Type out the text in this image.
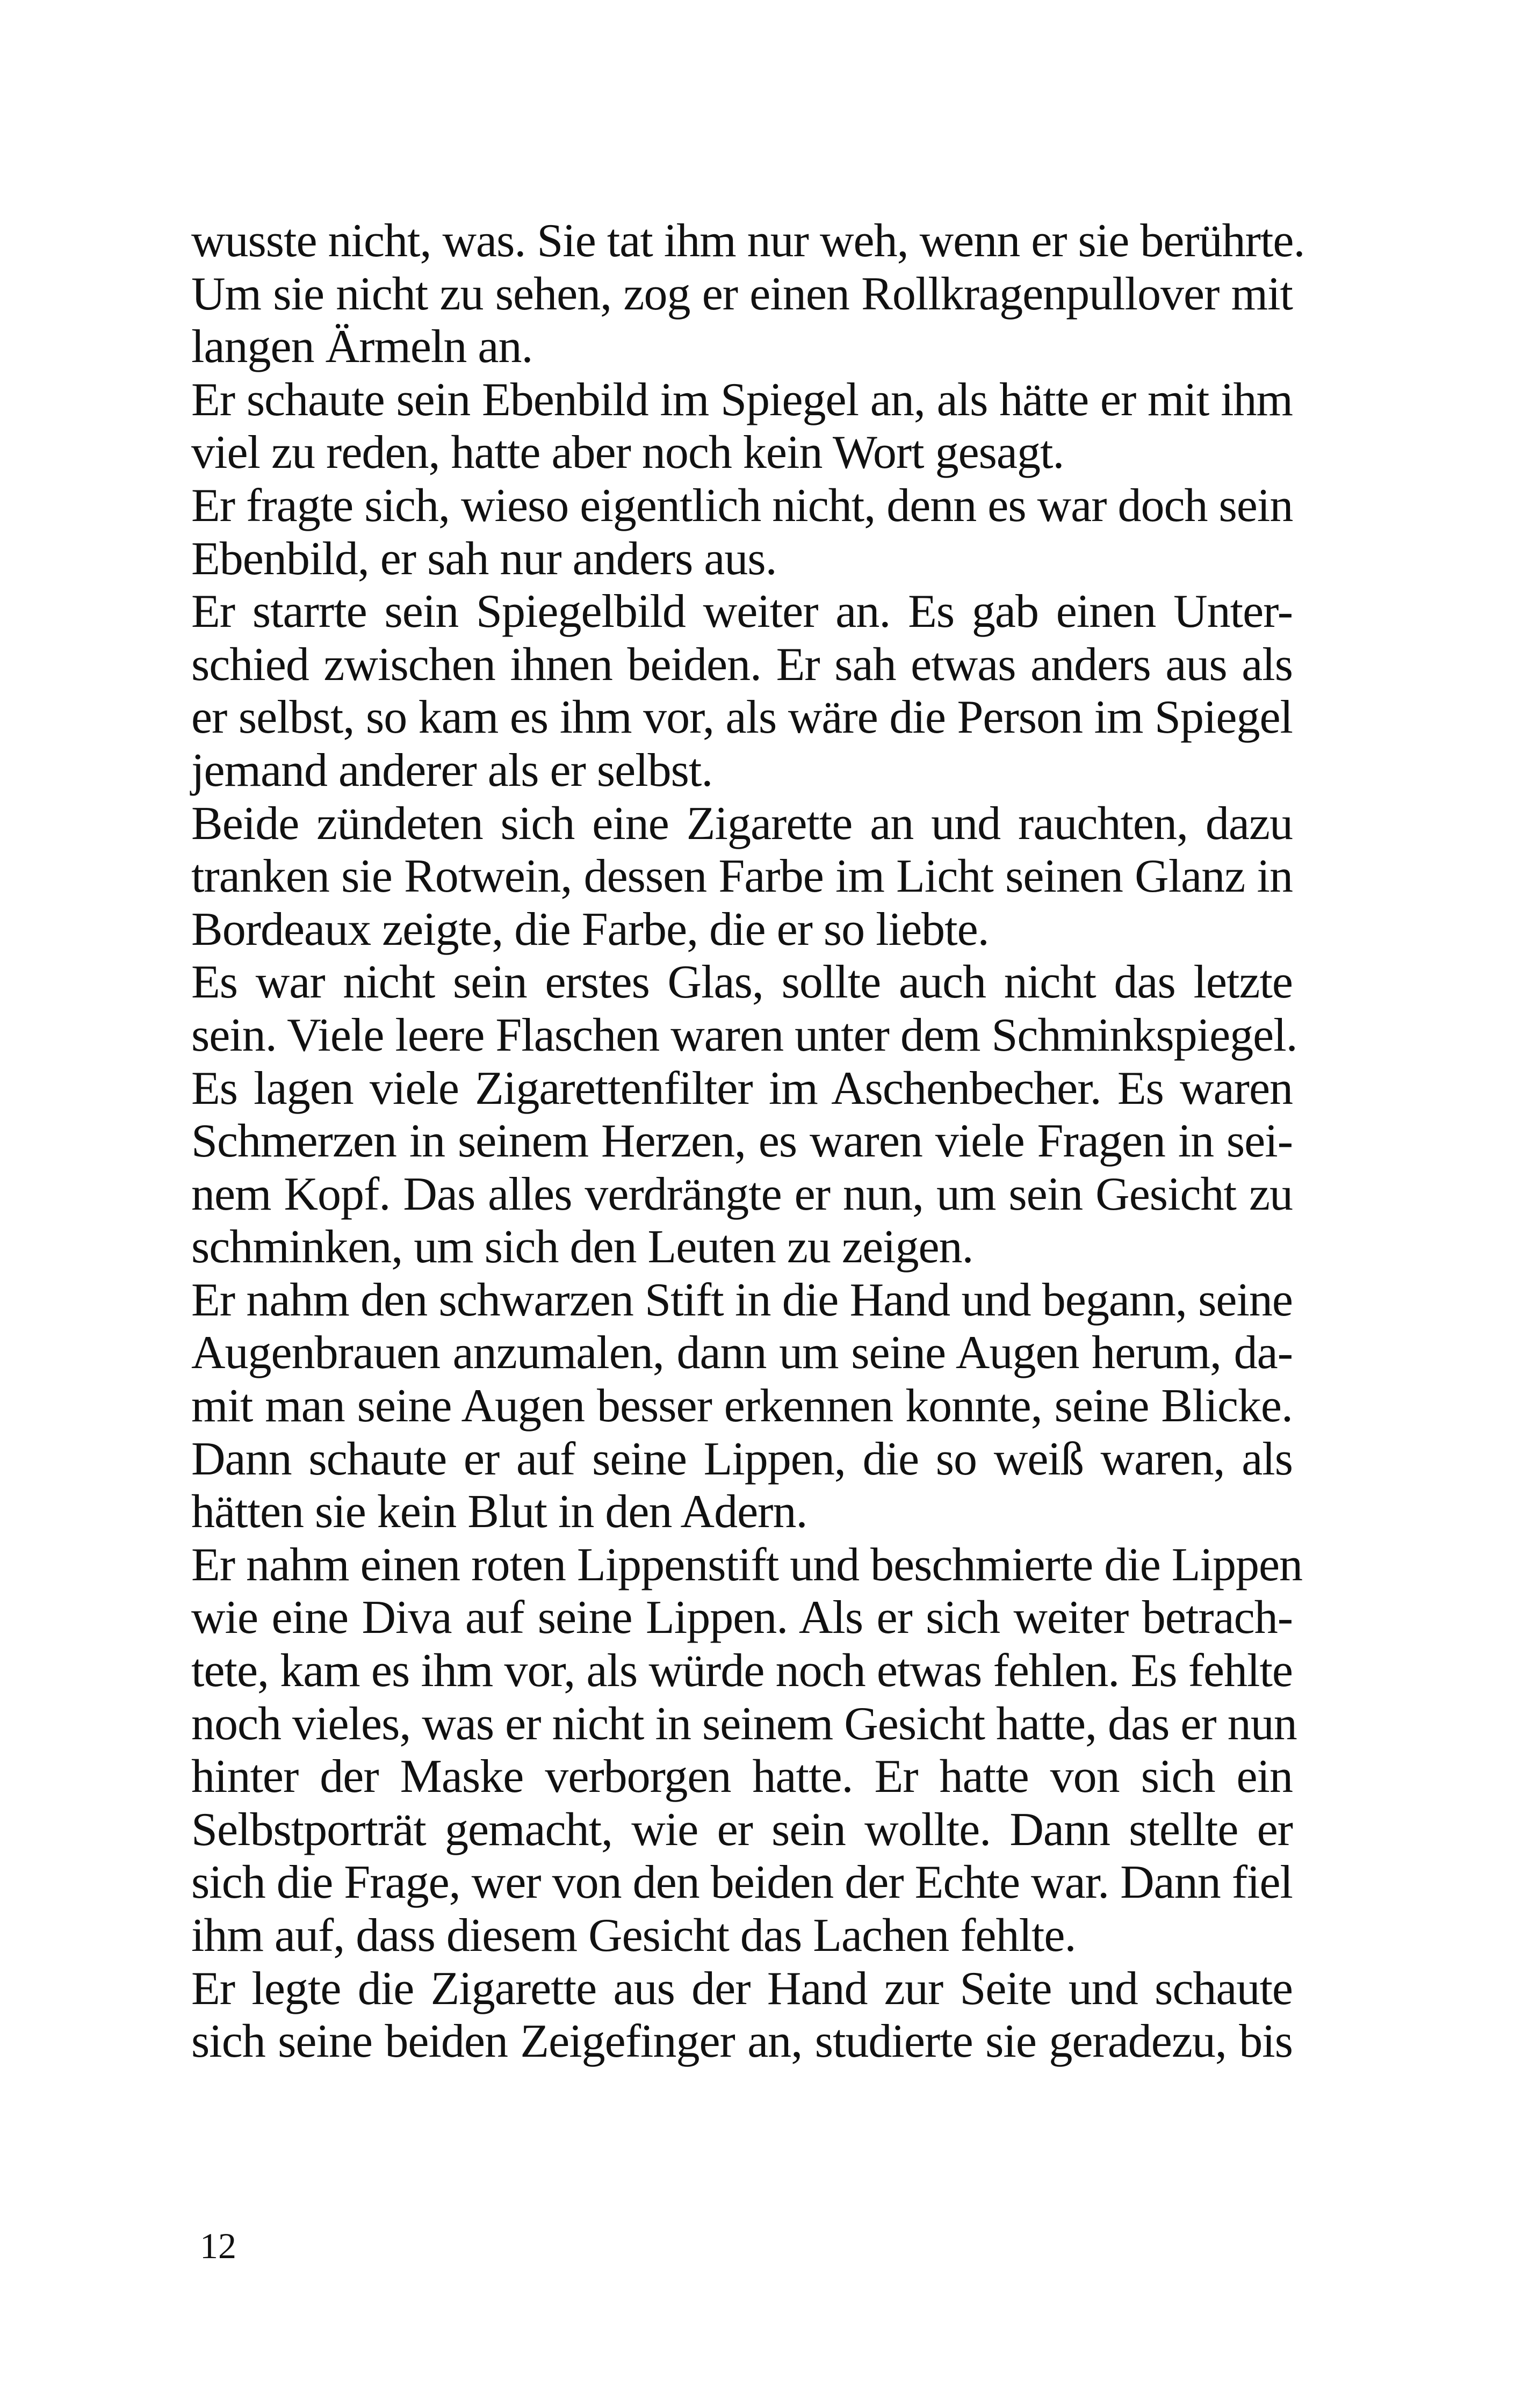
wusste nicht, was. Sie tat ihm nur weh, wenn er sie berührte.
Um sie nicht zu sehen, zog er einen Rollkragenpullover mit
langen Ärmeln an.
Er schaute sein Ebenbild im Spiegel an, als hätte er mit ihm
viel zu reden, hatte aber noch kein Wort gesagt.
Er fragte sich, wieso eigentlich nicht, denn es war doch sein
Ebenbild, er sah nur anders aus.
Er starrte sein Spiegelbild weiter an. Es gab einen Unter-
schied zwischen ihnen beiden. Er sah etwas anders aus als
er selbst, so kam es ihm vor, als wäre die Person im Spiegel
jemand anderer als er selbst.
Beide zündeten sich eine Zigarette an und rauchten, dazu
tranken sie Rotwein, dessen Farbe im Licht seinen Glanz in
Bordeaux zeigte, die Farbe, die er so liebte.
Es war nicht sein erstes Glas, sollte auch nicht das letzte
sein. Viele leere Flaschen waren unter dem Schminkspiegel.
Es lagen viele Zigarettenfilter im Aschenbecher. Es waren
Schmerzen in seinem Herzen, es waren viele Fragen in sei-
nem Kopf. Das alles verdrängte er nun, um sein Gesicht zu
schminken, um sich den Leuten zu zeigen.
Er nahm den schwarzen Stift in die Hand und begann, seine
Augenbrauen anzumalen, dann um seine Augen herum, da-
mit man seine Augen besser erkennen konnte, seine Blicke.
Dann schaute er auf seine Lippen, die so weiß waren, als
hätten sie kein Blut in den Adern.
Er nahm einen roten Lippenstift und beschmierte die Lippen
wie eine Diva auf seine Lippen. Als er sich weiter betrach-
tete, kam es ihm vor, als würde noch etwas fehlen. Es fehlte
noch vieles, was er nicht in seinem Gesicht hatte, das er nun
hinter der Maske verborgen hatte. Er hatte von sich ein
Selbstporträt gemacht, wie er sein wollte. Dann stellte er
sich die Frage, wer von den beiden der Echte war. Dann fiel
ihm auf, dass diesem Gesicht das Lachen fehlte.
Er legte die Zigarette aus der Hand zur Seite und schaute
sich seine beiden Zeigefinger an, studierte sie geradezu, bis
12
